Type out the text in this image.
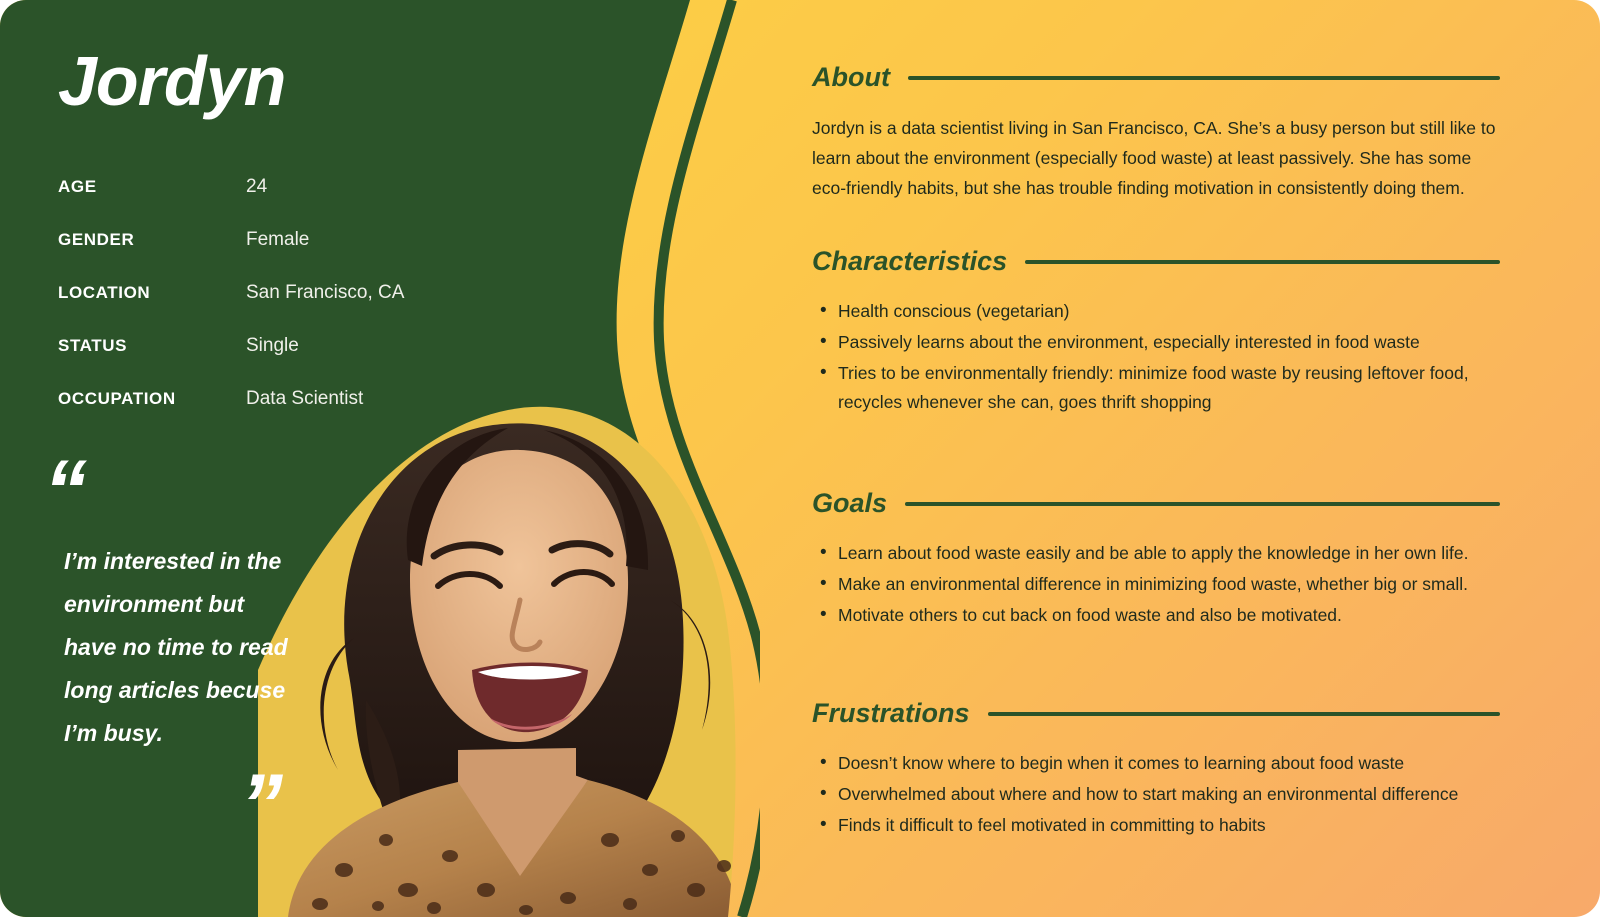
Jordyn
AGE	24
GENDER	Female
LOCATION	San Francisco, CA
STATUS	Single
OCCUPATION	Data Scientist
“
I’m interested in the environment but have no time to read long articles becuse I’m busy.
”
About

Jordyn is a data scientist living in San Francisco, CA. She’s a busy person but still like to learn about the environment (especially food waste) at least passively. She has some eco-friendly habits, but she has trouble finding motivation in consistently doing them.

Characteristics
• Health conscious (vegetarian)
• Passively learns about the environment, especially interested in food waste
• Tries to be environmentally friendly: minimize food waste by reusing leftover food, recycles whenever she can, goes thrift shopping
Goals
• Learn about food waste easily and be able to apply the knowledge in her own life.
• Make an environmental difference in minimizing food waste, whether big or small.
• Motivate others to cut back on food waste and also be motivated.
Frustrations
• Doesn’t know where to begin when it comes to learning about food waste
• Overwhelmed about where and how to start making an environmental difference
• Finds it difficult to feel motivated in committing to habits
